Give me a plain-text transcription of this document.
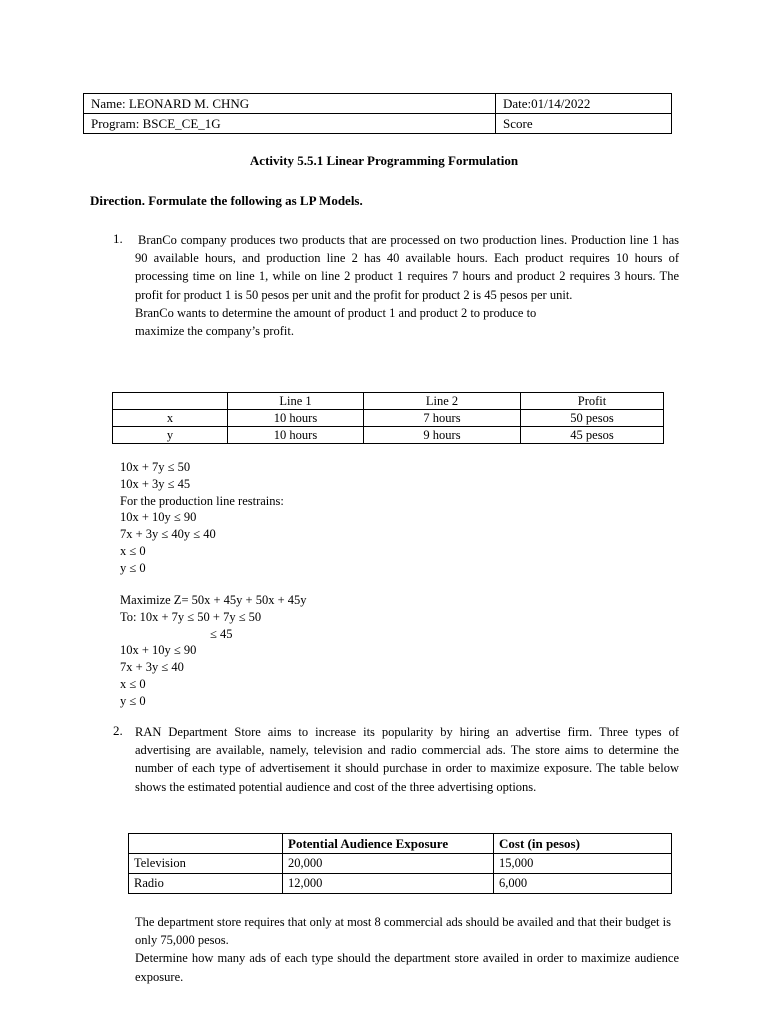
Name: LEONARD M. CHNG	Date:01/14/2022
Program: BSCE_CE_1G	Score
Activity 5.5.1 Linear Programming Formulation
Direction. Formulate the following as LP Models.
1. BranCo company produces two products that are processed on two production lines. Production line 1 has 90 available hours, and production line 2 has 40 available hours. Each product requires 10 hours of processing time on line 1, while on line 2 product 1 requires 7 hours and product 2 requires 3 hours. The profit for product 1 is 50 pesos per unit and the profit for product 2 is 45 pesos per unit.
BranCo wants to determine the amount of product 1 and product 2 to produce to maximize the company’s profit.
	Line 1	Line 2	Profit
x	10 hours	7 hours	50 pesos
y	10 hours	9 hours	45 pesos
10x + 7y ≤ 50
10x + 3y ≤ 45
For the production line restrains:
10x + 10y ≤ 90
7x + 3y ≤ 40y ≤ 40
x ≤ 0
y ≤ 0
Maximize Z= 50x + 45y + 50x + 45y
To: 10x + 7y ≤ 50 + 7y ≤ 50
≤ 45
10x + 10y ≤ 90
7x + 3y ≤ 40
x ≤ 0
y ≤ 0
2. RAN Department Store aims to increase its popularity by hiring an advertise firm. Three types of advertising are available, namely, television and radio commercial ads. The store aims to determine the number of each type of advertisement it should purchase in order to maximize exposure. The table below shows the estimated potential audience and cost of the three advertising options.
	Potential Audience Exposure	Cost (in pesos)
Television	20,000	15,000
Radio	12,000	6,000
The department store requires that only at most 8 commercial ads should be availed and that their budget is only 75,000 pesos.
Determine how many ads of each type should the department store availed in order to maximize audience exposure.
